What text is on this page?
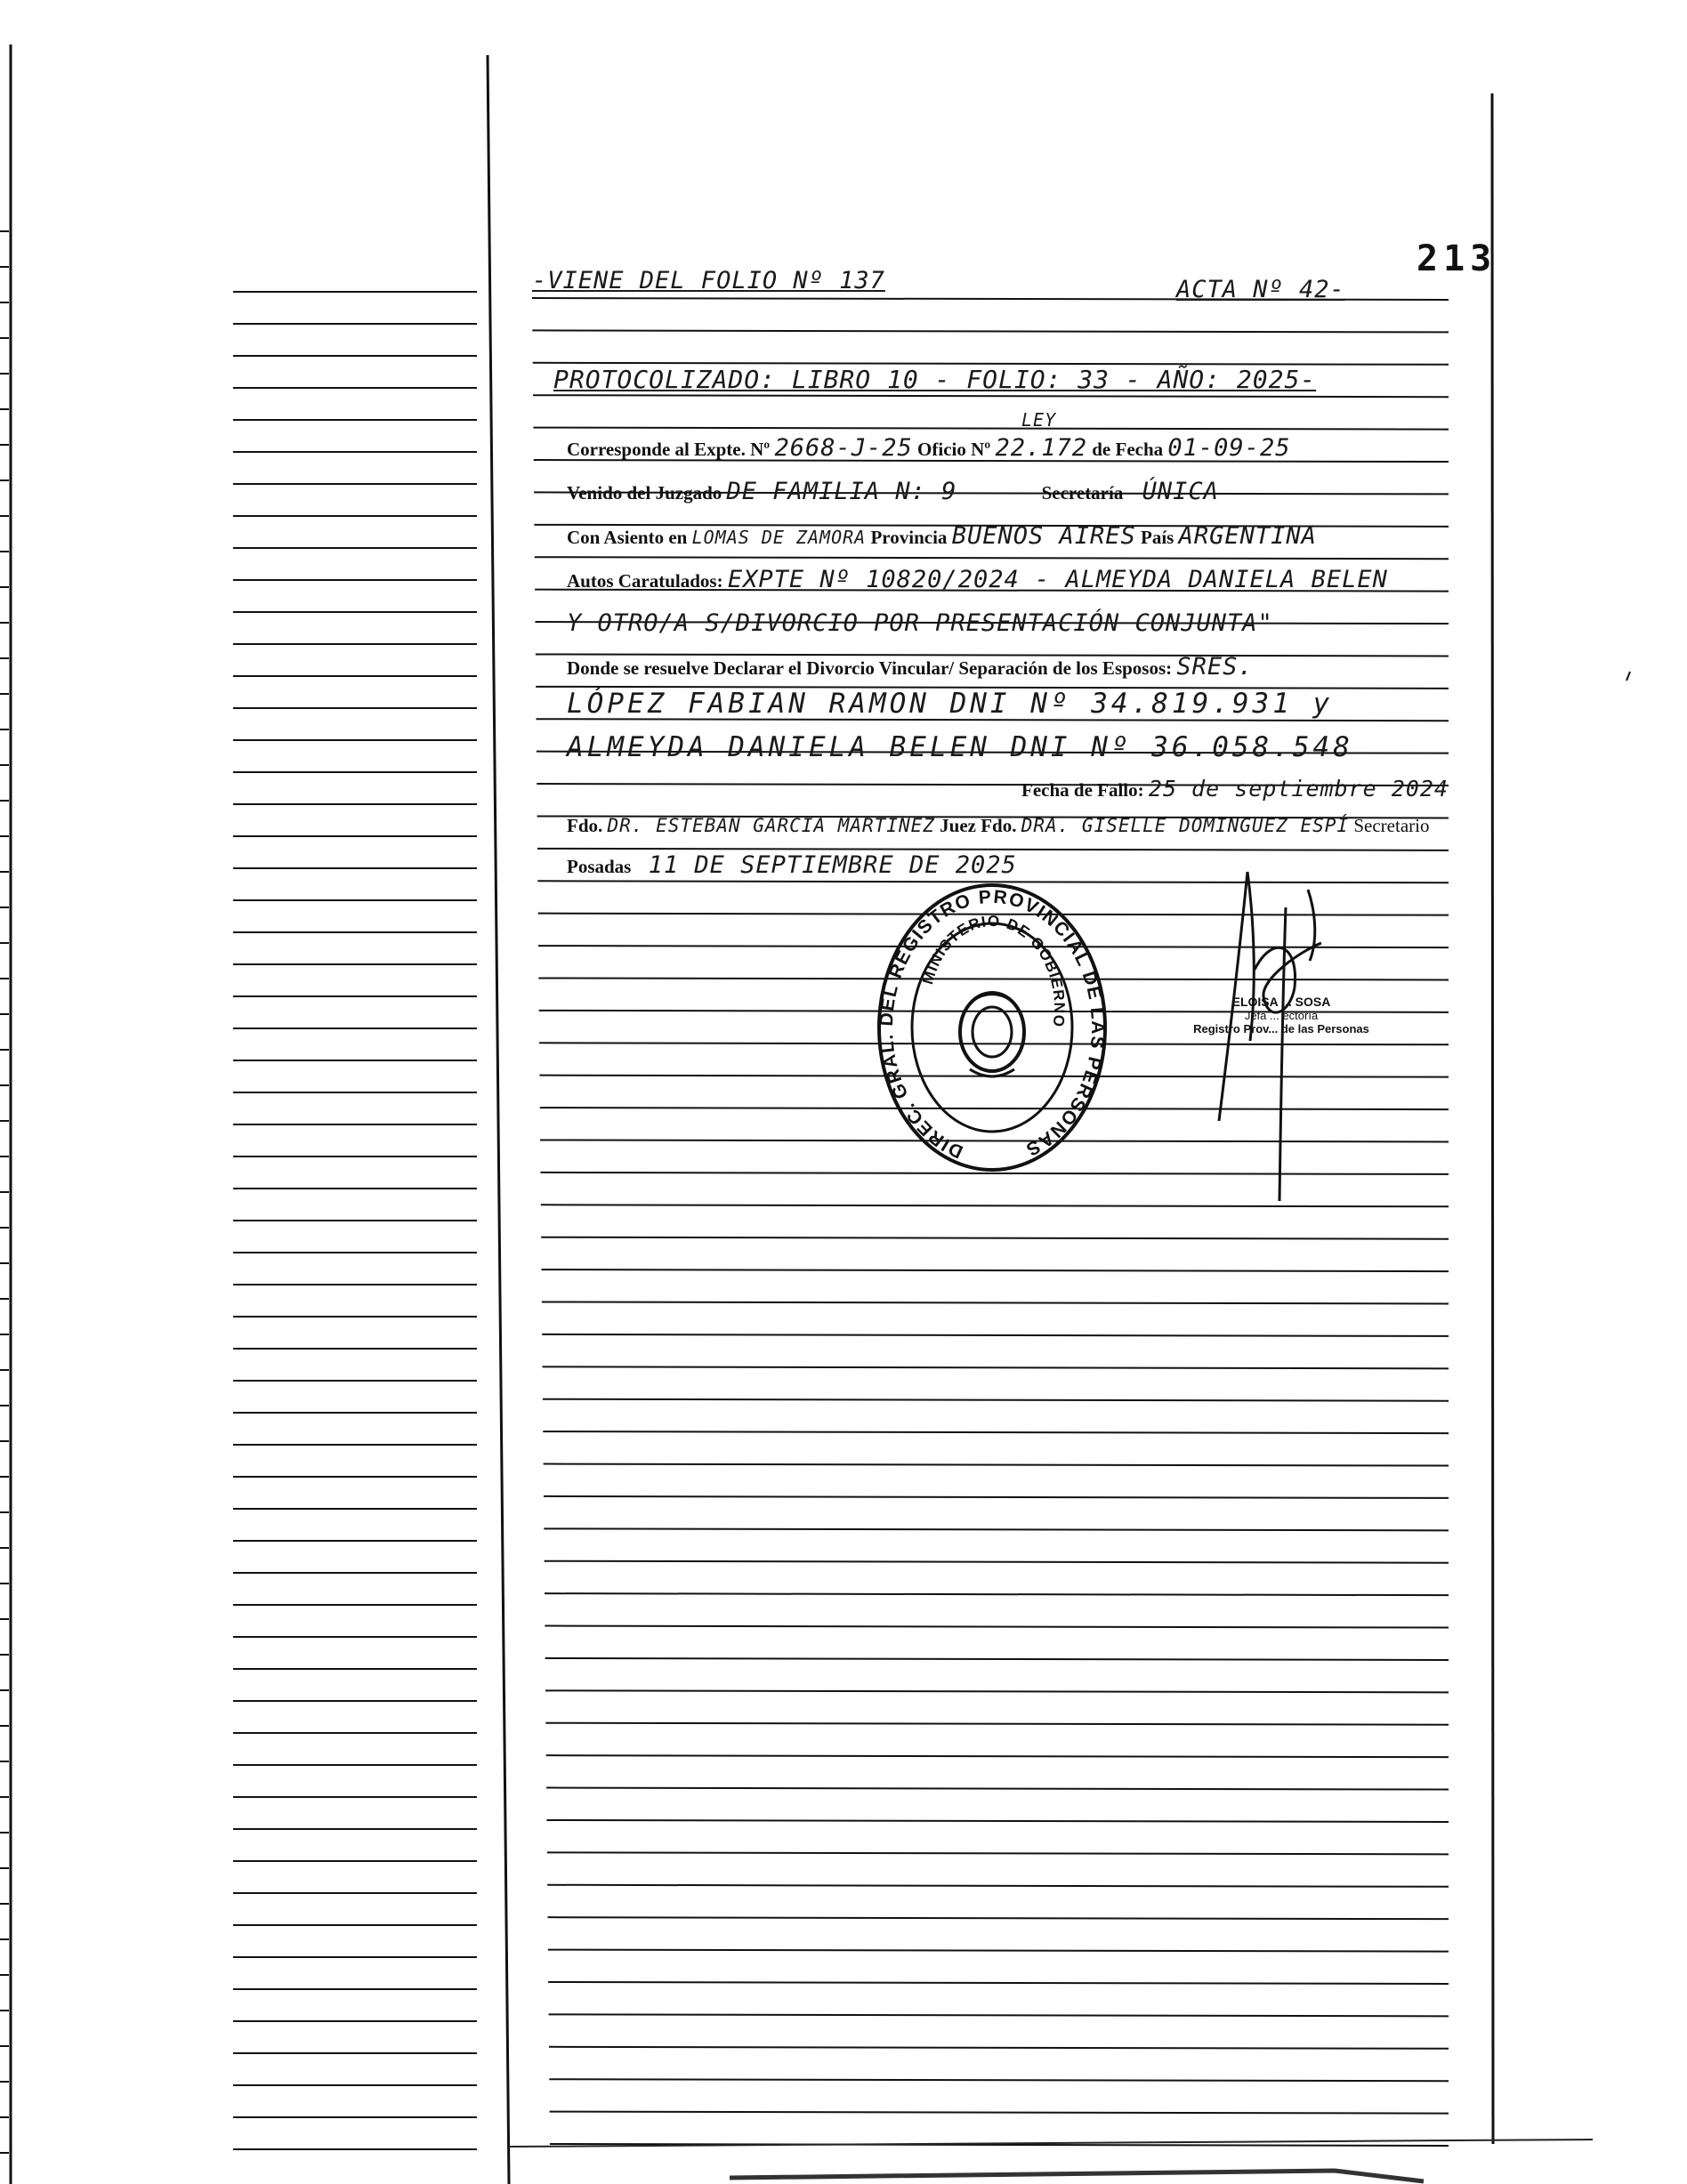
213
-VIENE DEL FOLIO Nº 137	ACTA Nº 42-
PROTOCOLIZADO: LIBRO 10 - FOLIO: 33 - AÑO: 2025-
Corresponde al Expte. Nº 2668-J-25 Oficio Nº 22.172 de Fecha 01-09-25
LEY
Venido del Juzgado DE FAMILIA N: 9	Secretaría ÚNICA
Con Asiento en LOMAS DE ZAMORA Provincia BUENOS AIRES País ARGENTINA
Autos Caratulados: EXPTE Nº 10820/2024 - ALMEYDA DANIELA BELEN
Y OTRO/A S/DIVORCIO POR PRESENTACIÓN CONJUNTA"
Donde se resuelve Declarar el Divorcio Vincular/ Separación de los Esposos: SRES.
LÓPEZ FABIAN RAMON DNI Nº 34.819.931 y
ALMEYDA DANIELA BELEN DNI Nº 36.058.548
Fecha de Fallo: 25 de septiembre 2024
Fdo. DR. ESTEBAN GARCIA MARTINEZ Juez Fdo. DRA. GISELLE DOMINGUEZ ESPÍ Secretario
Posadas 11 DE SEPTIEMBRE DE 2025
DIREC. GRAL. DEL REGISTRO PROVINCIAL DE LAS PERSONAS
MINISTERIO DE GOBIERNO
ELOISA ... SOSA
Jefa ... ectoría
Registro Prov... de las Personas
